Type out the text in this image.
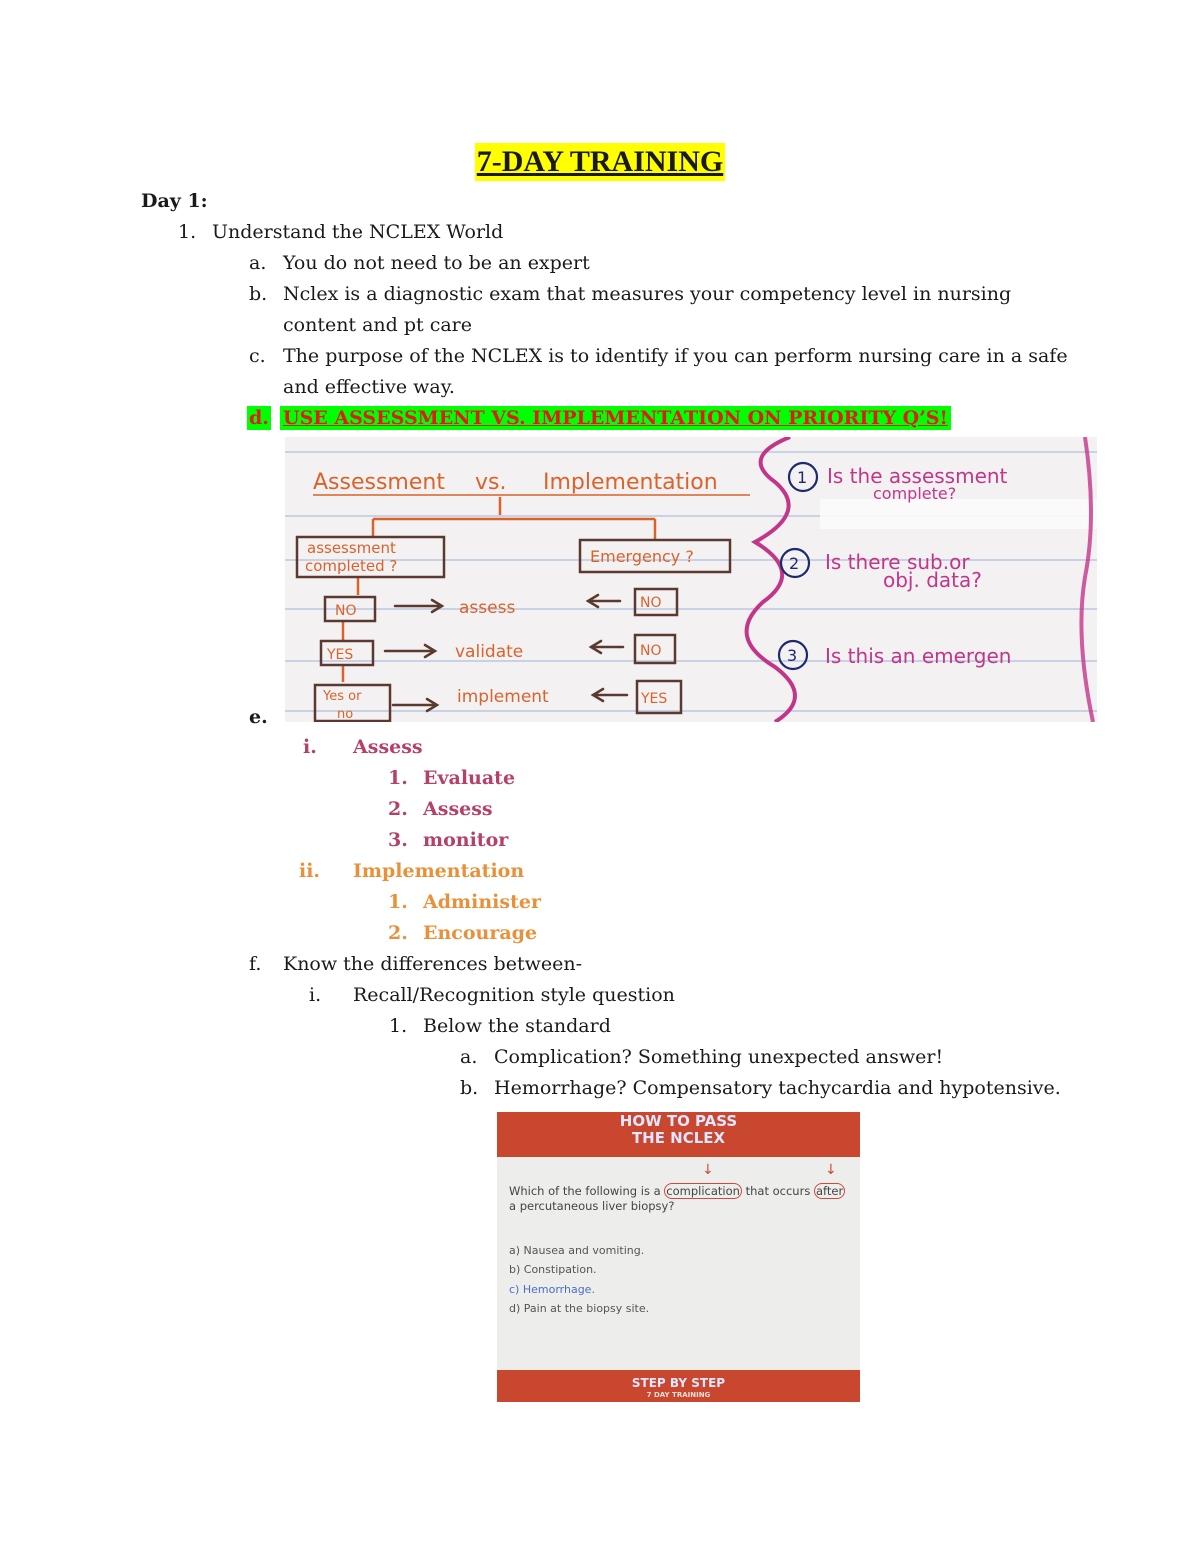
7-DAY TRAINING
Day 1:
1. Understand the NCLEX World
a. You do not need to be an expert
b. Nclex is a diagnostic exam that measures your competency level in nursing
content and pt care
c. The purpose of the NCLEX is to identify if you can perform nursing care in a safe
and effective way.
d. USE ASSESSMENT VS. IMPLEMENTATION ON PRIORITY Q’S!
e.
Assessment vs. Implementation
assessment
completed ?	Emergency ?
NO	assess	NO
YES	validate	NO
Yes or
no
implement	YES
1
2
3
Is the assessment
complete?
Is there sub.or
obj. data?
Is this an emergen
i. Assess
1. Evaluate
2. Assess
3. monitor
ii. Implementation
1. Administer
2. Encourage
f. Know the differences between-
i. Recall/Recognition style question
1. Below the standard
a. Complication? Something unexpected answer!
b. Hemorrhage? Compensatory tachycardia and hypotensive.
HOW TO PASS
THE NCLEX
↓	↓
Which of the following is a complication that occurs after
a percutaneous liver biopsy?
a) Nausea and vomiting.
b) Constipation.
c) Hemorrhage.
d) Pain at the biopsy site.
STEP BY STEP
7 DAY TRAINING
